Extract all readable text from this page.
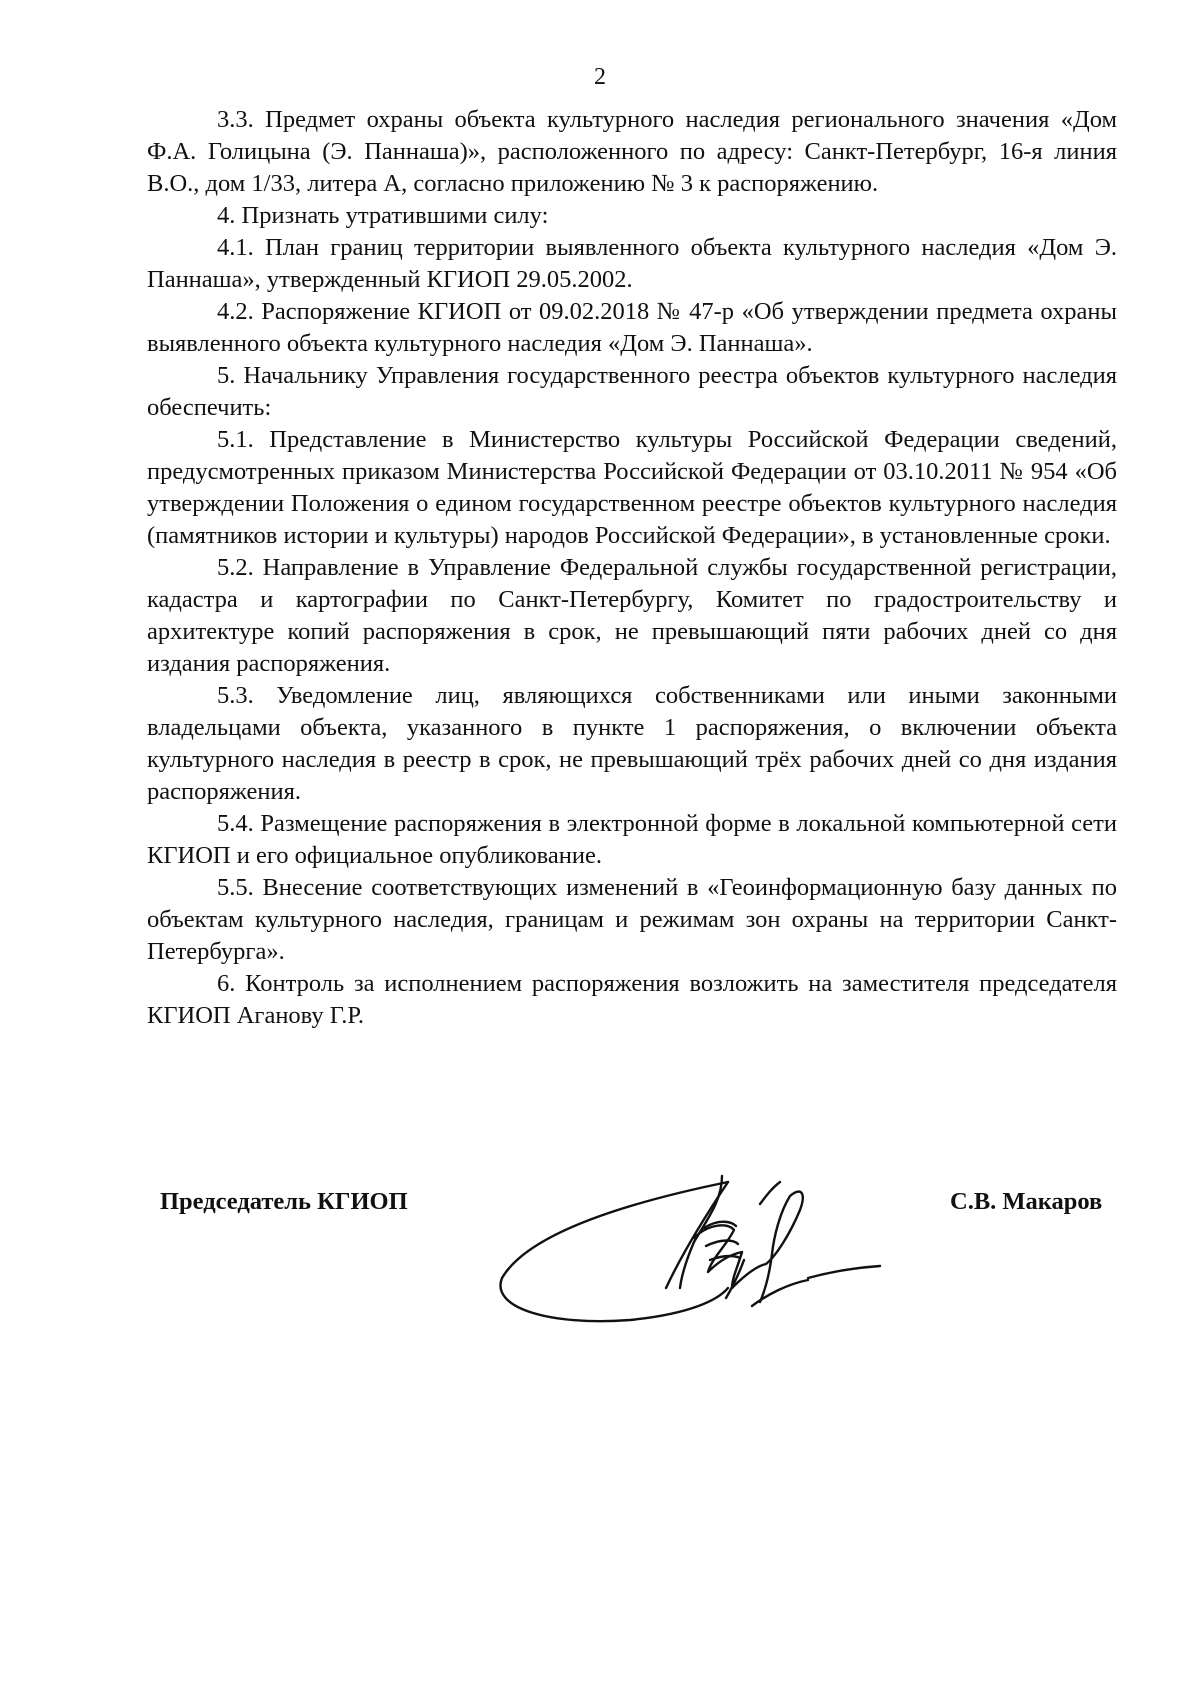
2

3.3. Предмет охраны объекта культурного наследия регионального значения «Дом Ф.А. Голицына (Э. Паннаша)», расположенного по адресу: Санкт-Петербург, 16-я линия В.О., дом 1/33, литера А, согласно приложению № 3 к распоряжению.

4. Признать утратившими силу:

4.1. План границ территории выявленного объекта культурного наследия «Дом Э. Паннаша», утвержденный КГИОП 29.05.2002.

4.2. Распоряжение КГИОП от 09.02.2018 № 47-р «Об утверждении предмета охраны выявленного объекта культурного наследия «Дом Э. Паннаша».

5. Начальнику Управления государственного реестра объектов культурного наследия обеспечить:

5.1. Представление в Министерство культуры Российской Федерации сведений, предусмотренных приказом Министерства Российской Федерации от 03.10.2011 № 954 «Об утверждении Положения о едином государственном реестре объектов культурного наследия (памятников истории и культуры) народов Российской Федерации», в установленные сроки.

5.2. Направление в Управление Федеральной службы государственной регистрации, кадастра и картографии по Санкт-Петербургу, Комитет по градостроительству и архитектуре копий распоряжения в срок, не превышающий пяти рабочих дней со дня издания распоряжения.

5.3. Уведомление лиц, являющихся собственниками или иными законными владельцами объекта, указанного в пункте 1 распоряжения, о включении объекта культурного наследия в реестр в срок, не превышающий трёх рабочих дней со дня издания распоряжения.

5.4. Размещение распоряжения в электронной форме в локальной компьютерной сети КГИОП и его официальное опубликование.

5.5. Внесение соответствующих изменений в «Геоинформационную базу данных по объектам культурного наследия, границам и режимам зон охраны на территории Санкт-Петербурга».

6. Контроль за исполнением распоряжения возложить на заместителя председателя КГИОП Аганову Г.Р.

Председатель КГИОП	С.В. Макаров
